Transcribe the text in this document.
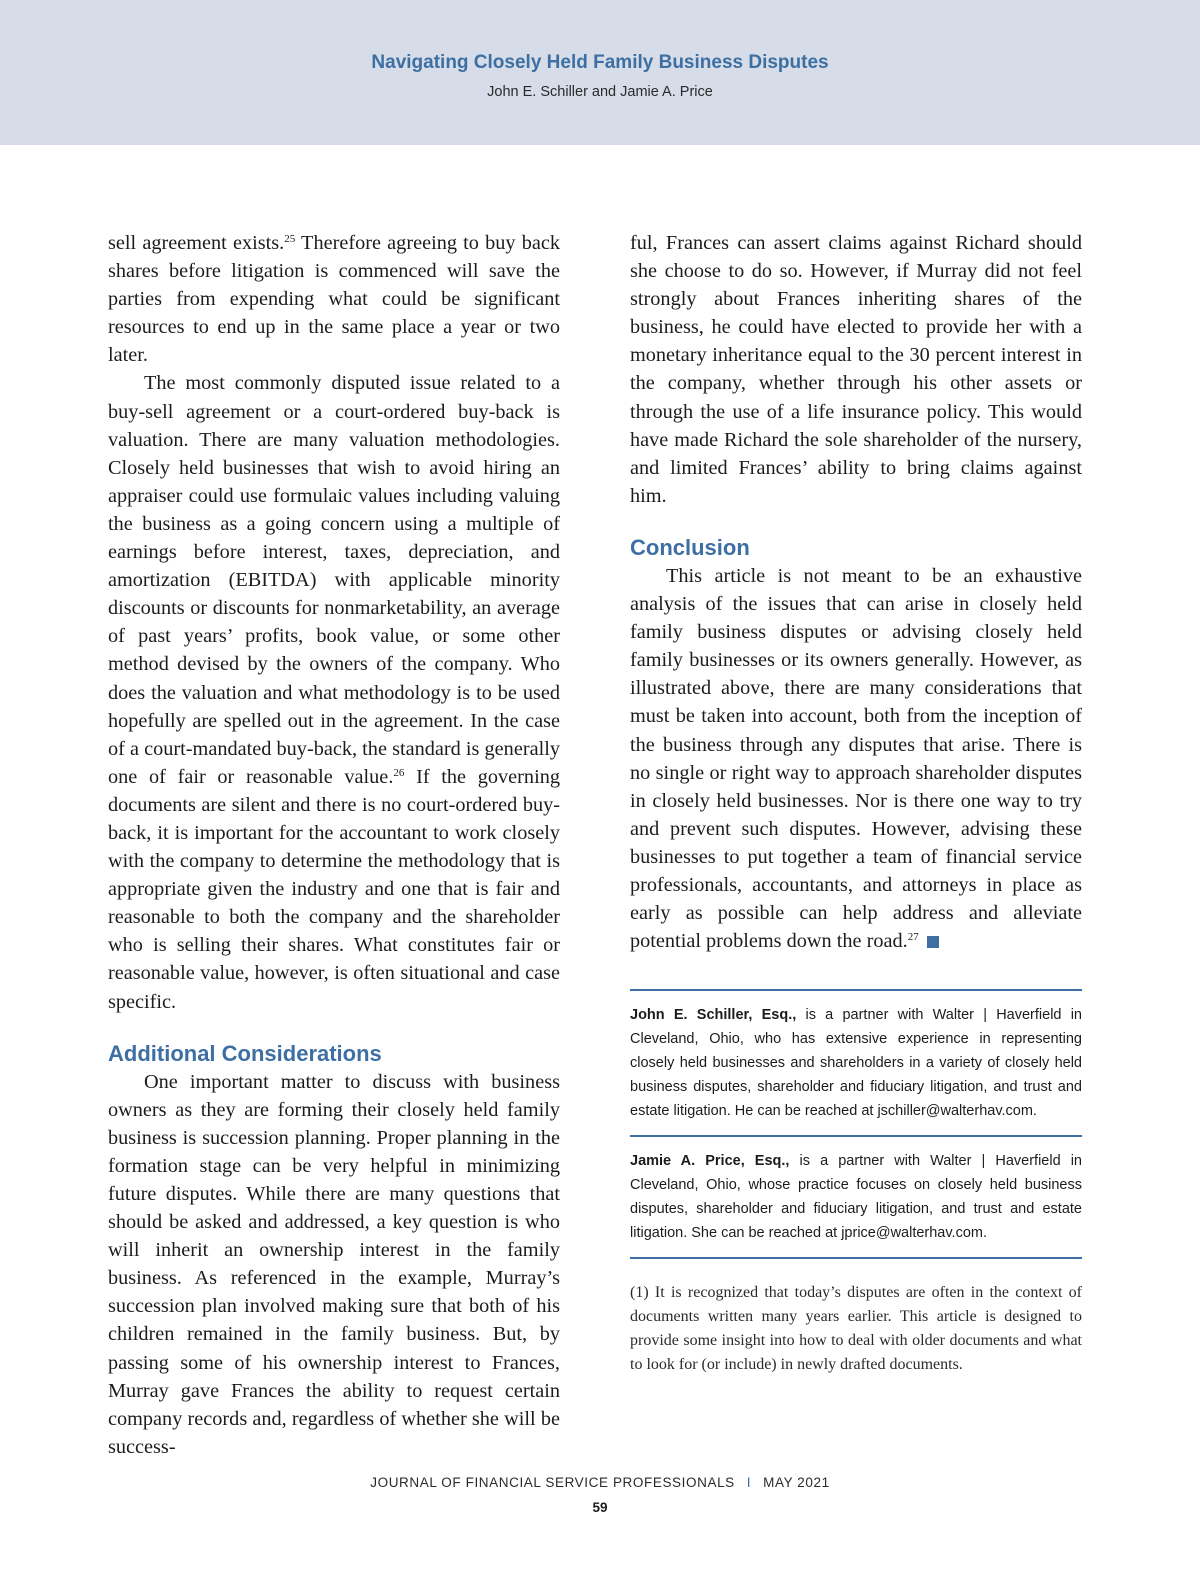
Navigating Closely Held Family Business Disputes
John E. Schiller and Jamie A. Price

sell agreement exists.$^{25}$ Therefore agreeing to buy back shares before litigation is commenced will save the parties from expending what could be significant resources to end up in the same place a year or two later.

The most commonly disputed issue related to a buy-sell agreement or a court-ordered buy-back is valuation. There are many valuation methodologies. Closely held businesses that wish to avoid hiring an appraiser could use formulaic values including valuing the business as a going concern using a multiple of earnings before interest, taxes, depreciation, and amortization (EBITDA) with applicable minority discounts or discounts for nonmarketability, an average of past years’ profits, book value, or some other method devised by the owners of the company. Who does the valuation and what methodology is to be used hopefully are spelled out in the agreement. In the case of a court-mandated buy-back, the standard is generally one of fair or reasonable value.$^{26}$ If the governing documents are silent and there is no court-ordered buy-back, it is important for the accountant to work closely with the company to determine the methodology that is appropriate given the industry and one that is fair and reasonable to both the company and the shareholder who is selling their shares. What constitutes fair or reasonable value, however, is often situational and case specific.

Additional Considerations

One important matter to discuss with business owners as they are forming their closely held family business is succession planning. Proper planning in the formation stage can be very helpful in minimizing future disputes. While there are many questions that should be asked and addressed, a key question is who will inherit an ownership interest in the family business. As referenced in the example, Murray’s succession plan involved making sure that both of his children remained in the family business. But, by passing some of his ownership interest to Frances, Murray gave Frances the ability to request certain company records and, regardless of whether she will be success-

ful, Frances can assert claims against Richard should she choose to do so. However, if Murray did not feel strongly about Frances inheriting shares of the business, he could have elected to provide her with a monetary inheritance equal to the 30 percent interest in the company, whether through his other assets or through the use of a life insurance policy. This would have made Richard the sole shareholder of the nursery, and limited Frances’ ability to bring claims against him.

Conclusion

This article is not meant to be an exhaustive analysis of the issues that can arise in closely held family business disputes or advising closely held family businesses or its owners generally. However, as illustrated above, there are many considerations that must be taken into account, both from the inception of the business through any disputes that arise. There is no single or right way to approach shareholder disputes in closely held businesses. Nor is there one way to try and prevent such disputes. However, advising these businesses to put together a team of financial service professionals, accountants, and attorneys in place as early as possible can help address and alleviate potential problems down the road.$^{27}$

John E. Schiller, Esq., is a partner with Walter | Haverfield in Cleveland, Ohio, who has extensive experience in representing closely held businesses and shareholders in a variety of closely held business disputes, shareholder and fiduciary litigation, and trust and estate litigation. He can be reached at jschiller@walterhav.com.

Jamie A. Price, Esq., is a partner with Walter | Haverfield in Cleveland, Ohio, whose practice focuses on closely held business disputes, shareholder and fiduciary litigation, and trust and estate litigation. She can be reached at jprice@walterhav.com.

(1) It is recognized that today’s disputes are often in the context of documents written many years earlier. This article is designed to provide some insight into how to deal with older documents and what to look for (or include) in newly drafted documents.

JOURNAL OF FINANCIAL SERVICE PROFESSIONALS I MAY 2021
59
